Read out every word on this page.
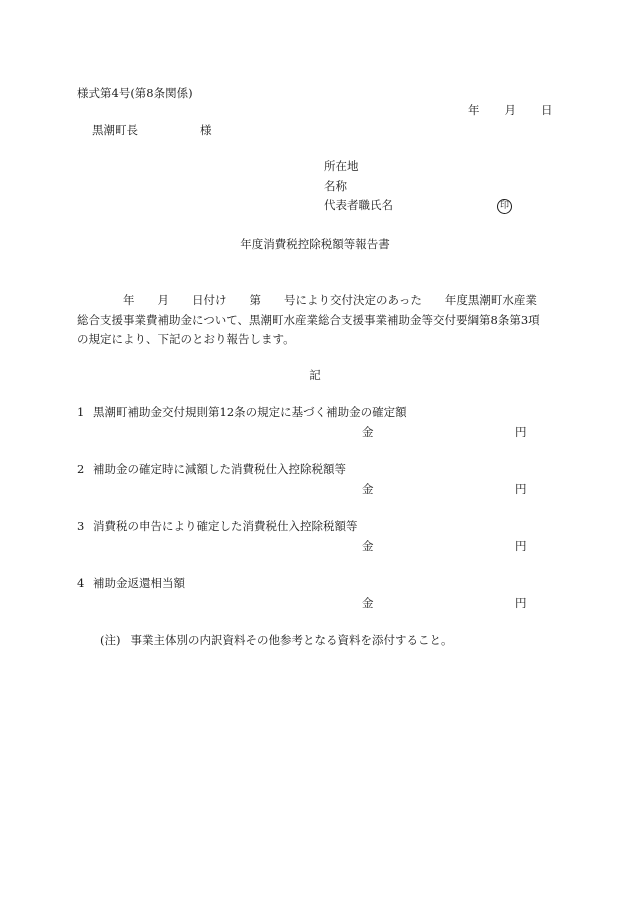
様式第4号(第8条関係)
年 月 日
黒潮町長	様
所在地
名称
代表者職氏名	印
年度消費税控除税額等報告書

　　　　年　　月　　日付け　　第　　号により交付決定のあった　　年度黒潮町水産業

総合支援事業費補助金について、黒潮町水産業総合支援事業補助金等交付要綱第8条第3項

の規定により、下記のとおり報告します。

記
1 黒潮町補助金交付規則第12条の規定に基づく補助金の確定額
金	円
2 補助金の確定時に減額した消費税仕入控除税額等
金	円
3 消費税の申告により確定した消費税仕入控除税額等
金	円
4 補助金返還相当額
金	円
(注) 事業主体別の内訳資料その他参考となる資料を添付すること。
